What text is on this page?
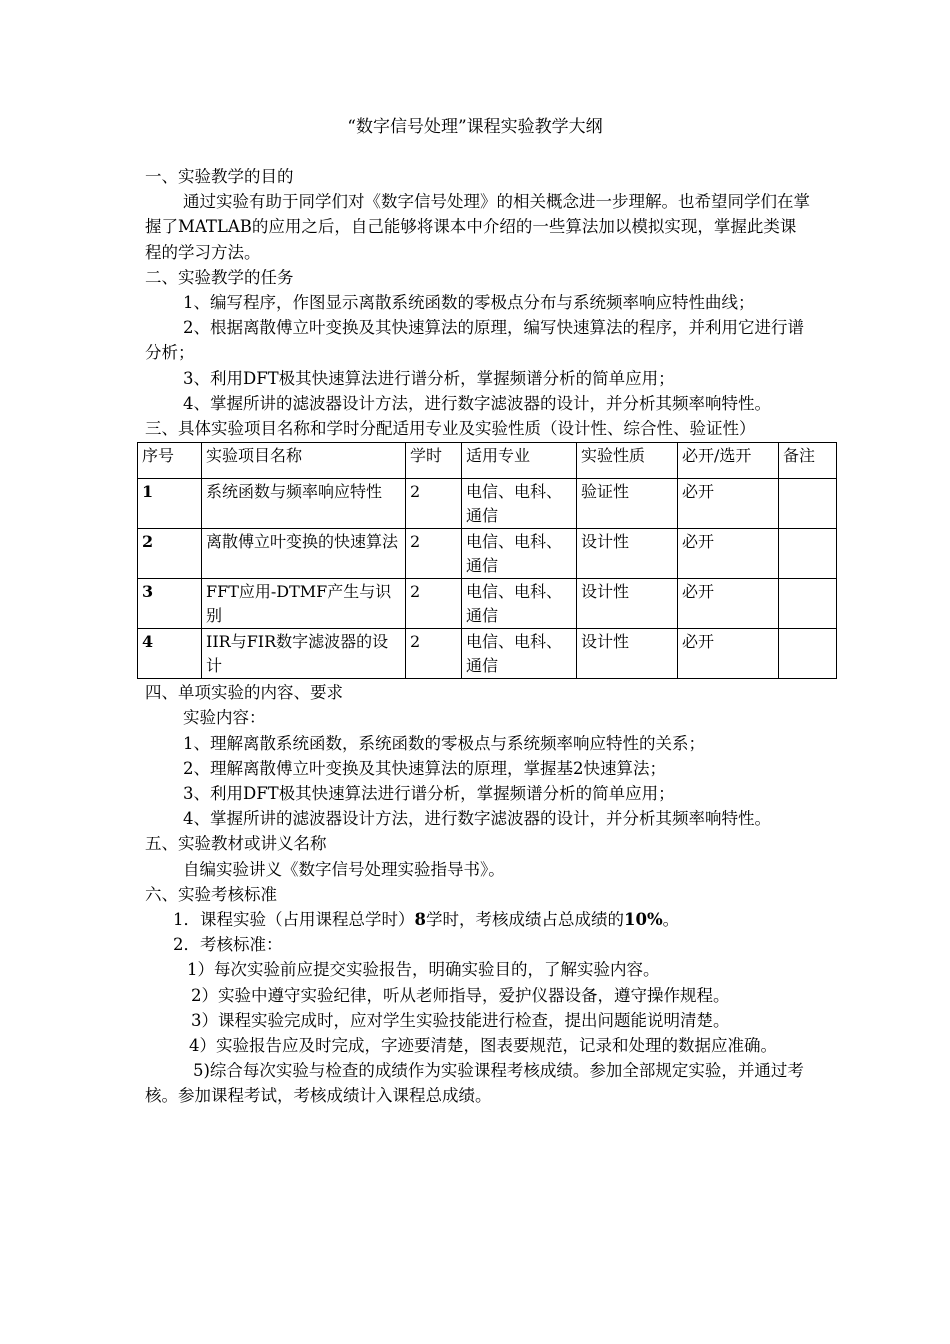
“数字信号处理”课程实验教学大纲

一、实验教学的目的

通过实验有助于同学们对《数字信号处理》的相关概念进一步理解。也希望同学们在掌握了MATLAB的应用之后，自己能够将课本中介绍的一些算法加以模拟实现，掌握此类课程的学习方法。

二、实验教学的任务

1、编写程序，作图显示离散系统函数的零极点分布与系统频率响应特性曲线；

2、根据离散傅立叶变换及其快速算法的原理，编写快速算法的程序，并利用它进行谱分析；

3、利用DFT极其快速算法进行谱分析，掌握频谱分析的简单应用；

4、掌握所讲的滤波器设计方法，进行数字滤波器的设计，并分析其频率响特性。

三、具体实验项目名称和学时分配适用专业及实验性质（设计性、综合性、验证性）

序号	实验项目名称	学时	适用专业	实验性质	必开/选开	备注
1	系统函数与频率响应特性	2	电信、电科、通信	验证性	必开	
2	离散傅立叶变换的快速算法	2	电信、电科、通信	设计性	必开	
3	FFT应用-DTMF产生与识别	2	电信、电科、通信	设计性	必开	
4	IIR与FIR数字滤波器的设计	2	电信、电科、通信	设计性	必开	

四、单项实验的内容、要求

实验内容：

1、理解离散系统函数，系统函数的零极点与系统频率响应特性的关系；

2、理解离散傅立叶变换及其快速算法的原理，掌握基2快速算法；

3、利用DFT极其快速算法进行谱分析，掌握频谱分析的简单应用；

4、掌握所讲的滤波器设计方法，进行数字滤波器的设计，并分析其频率响特性。

五、实验教材或讲义名称

自编实验讲义《数字信号处理实验指导书》。

六、实验考核标准

1．课程实验（占用课程总学时）8学时，考核成绩占总成绩的10%。

2．考核标准：

1）每次实验前应提交实验报告，明确实验目的，了解实验内容。

2）实验中遵守实验纪律，听从老师指导，爱护仪器设备，遵守操作规程。

3）课程实验完成时，应对学生实验技能进行检查，提出问题能说明清楚。

4）实验报告应及时完成，字迹要清楚，图表要规范，记录和处理的数据应准确。

5)综合每次实验与检查的成绩作为实验课程考核成绩。参加全部规定实验，并通过考核。参加课程考试，考核成绩计入课程总成绩。
